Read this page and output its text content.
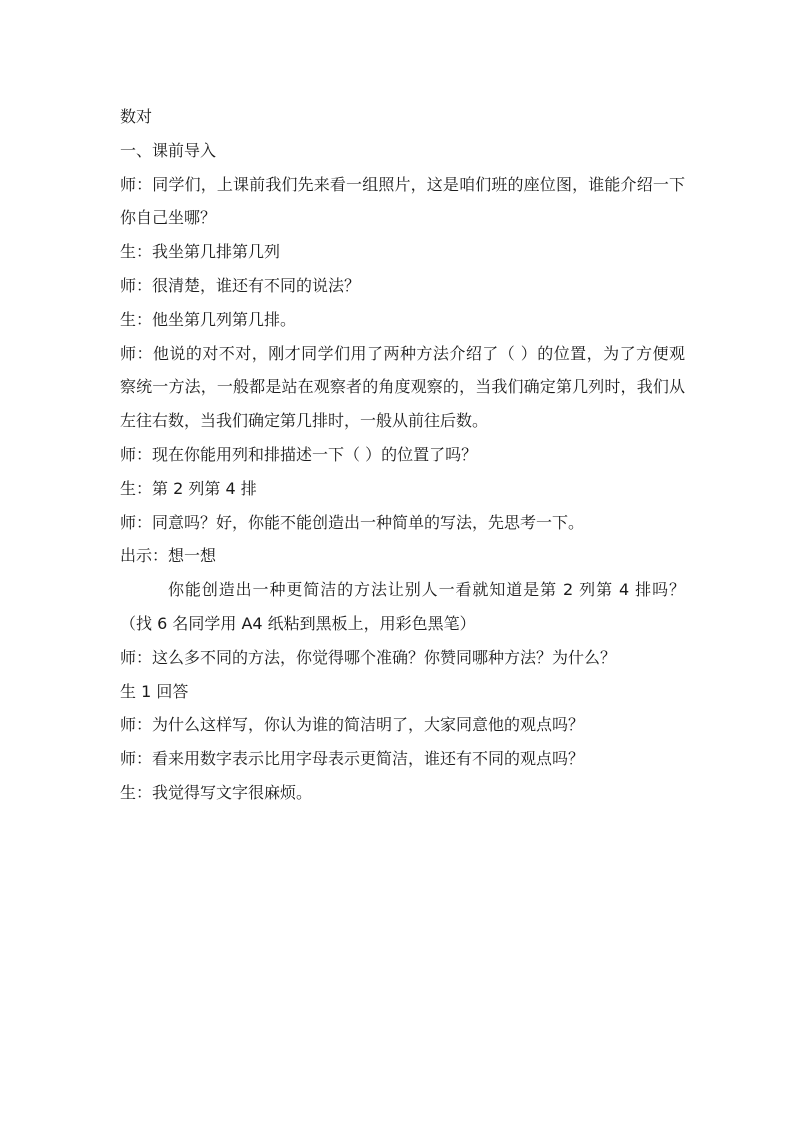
数对

一、课前导入

师：同学们，上课前我们先来看一组照片，这是咱们班的座位图，谁能介绍一下你自己坐哪？

生：我坐第几排第几列

师：很清楚，谁还有不同的说法？

生：他坐第几列第几排。

师：他说的对不对，刚才同学们用了两种方法介绍了（ ）的位置，为了方便观察统一方法，一般都是站在观察者的角度观察的，当我们确定第几列时，我们从左往右数，当我们确定第几排时，一般从前往后数。

师：现在你能用列和排描述一下（ ）的位置了吗？

生：第 2 列第 4 排

师：同意吗？好，你能不能创造出一种简单的写法，先思考一下。

出示：想一想

你能创造出一种更简洁的方法让别人一看就知道是第 2 列第 4 排吗？（找 6 名同学用 A4 纸粘到黑板上，用彩色黑笔）

师：这么多不同的方法，你觉得哪个准确？你赞同哪种方法？为什么？

生 1 回答

师：为什么这样写，你认为谁的简洁明了，大家同意他的观点吗？

师：看来用数字表示比用字母表示更简洁，谁还有不同的观点吗？

生：我觉得写文字很麻烦。
